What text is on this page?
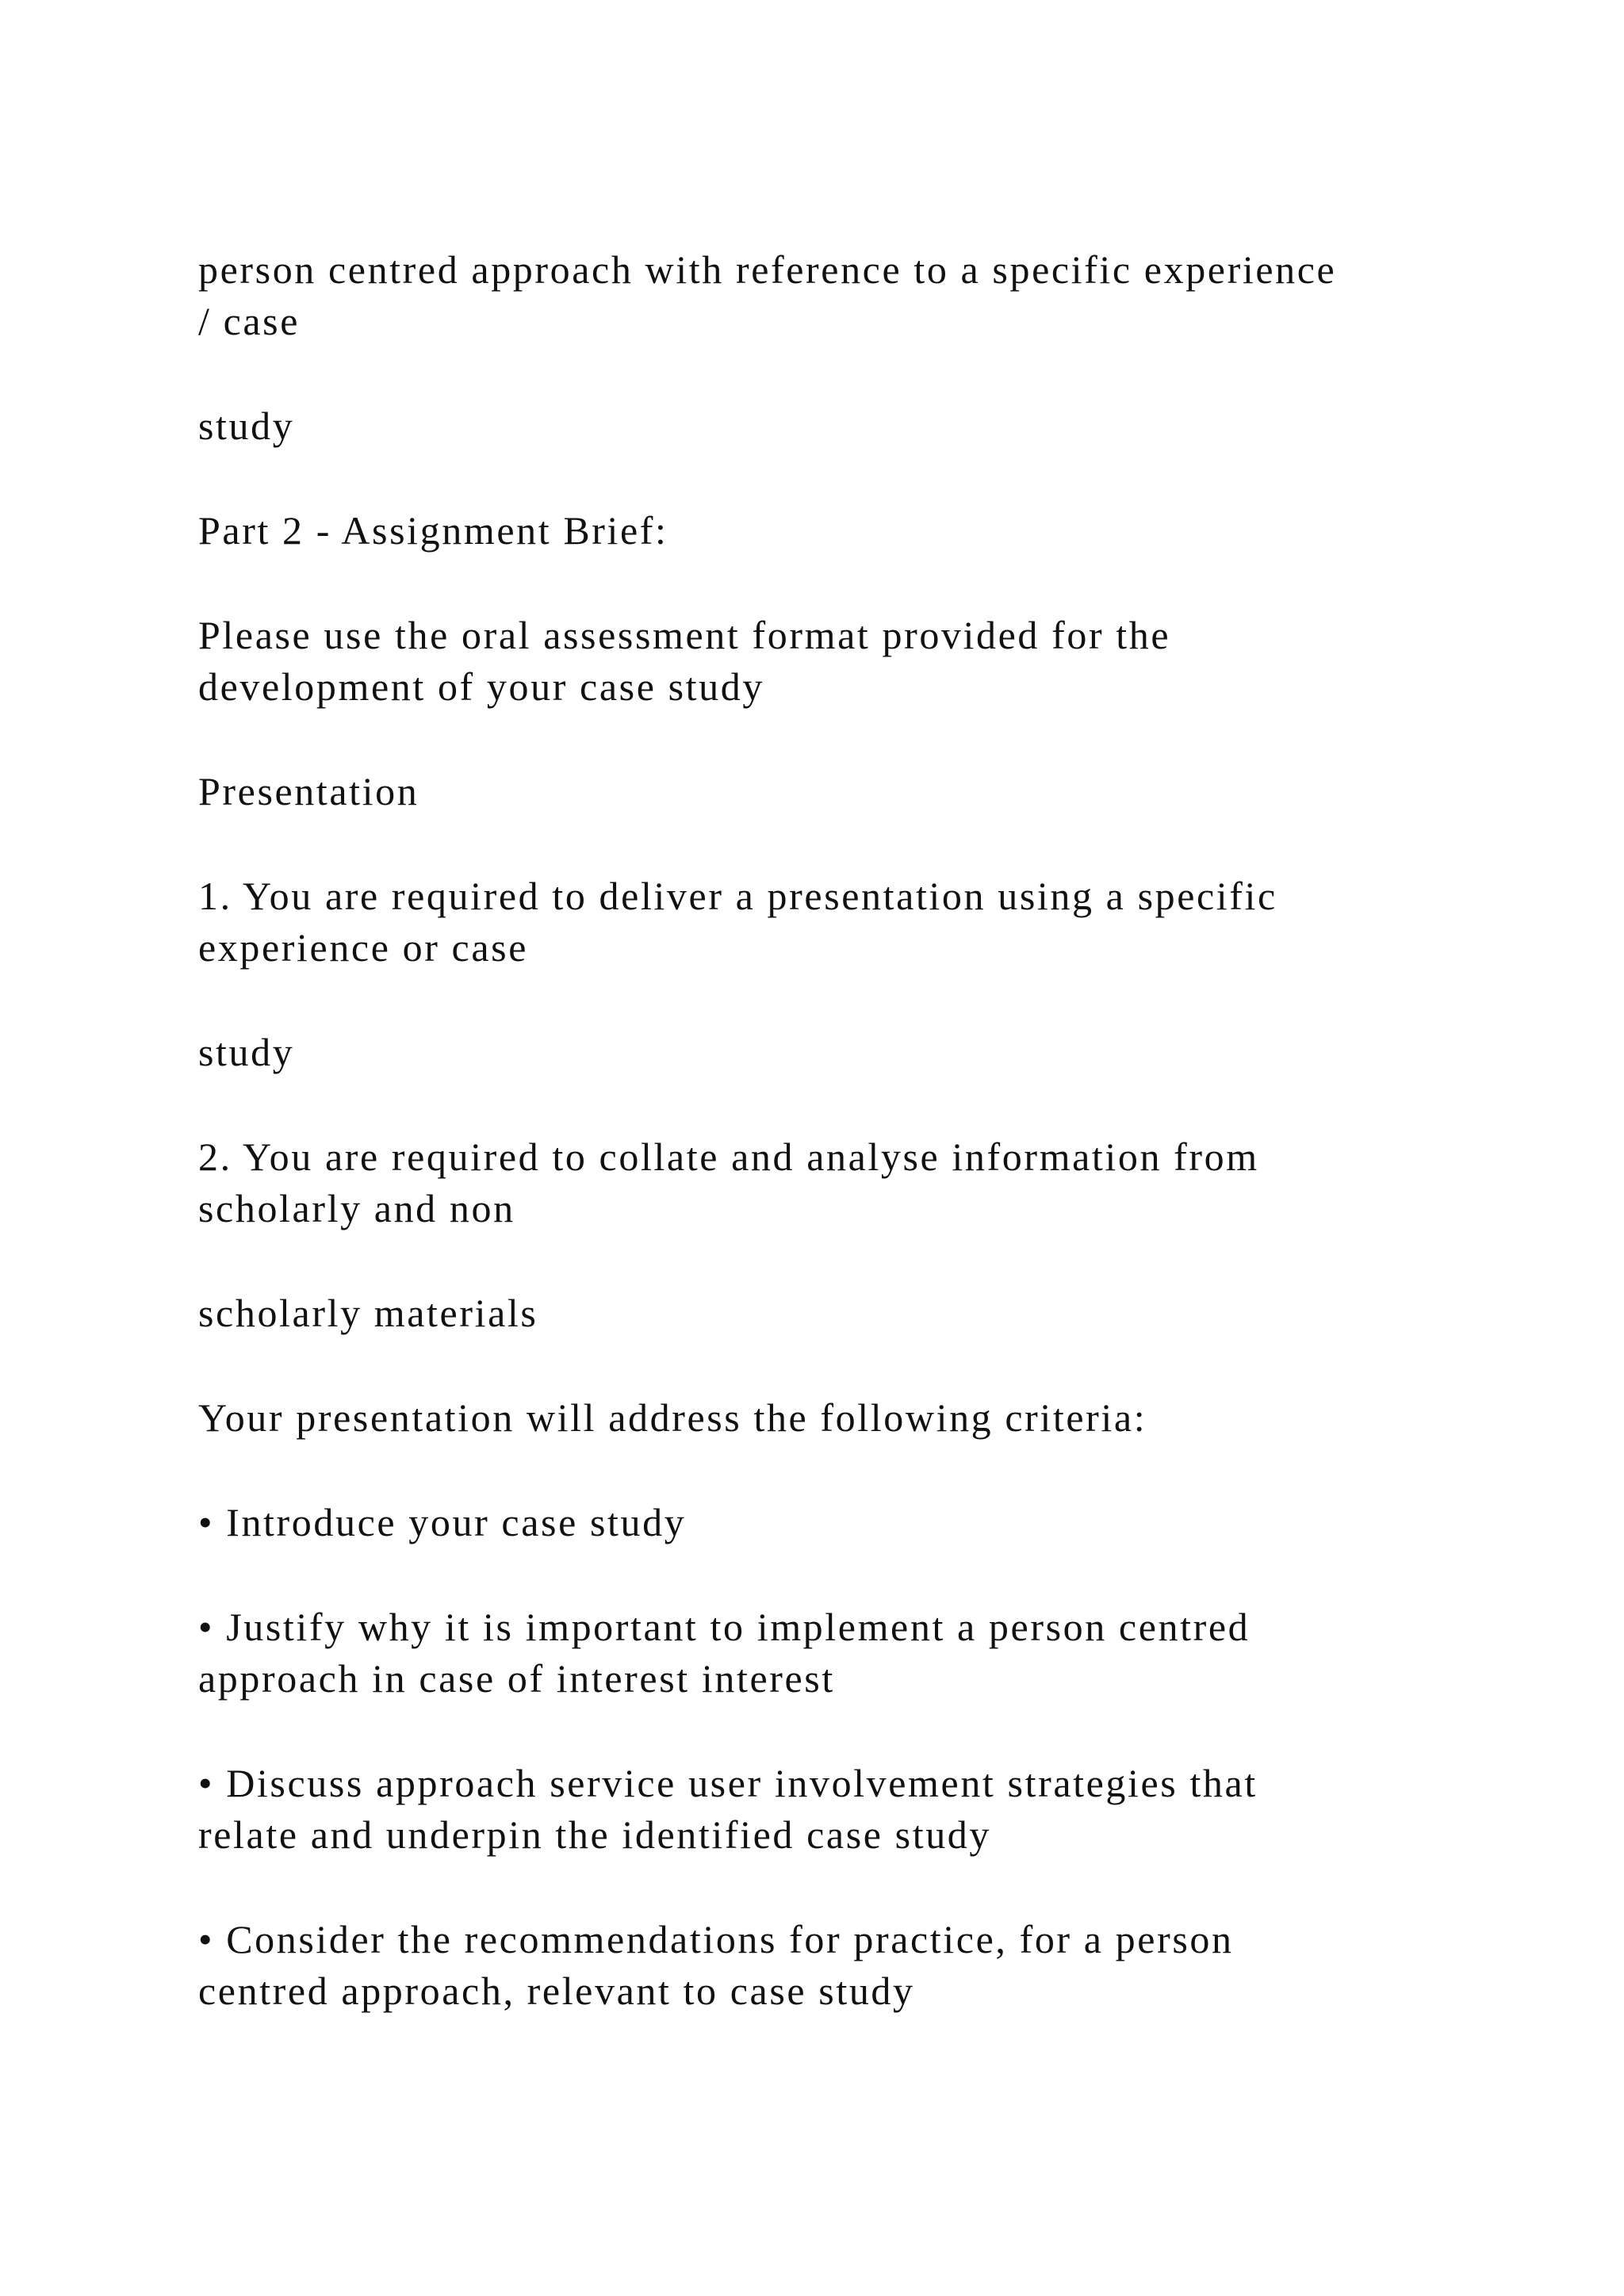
person centred approach with reference to a specific experience
/ case

study

Part 2 - Assignment Brief:

Please use the oral assessment format provided for the
development of your case study

Presentation

1. You are required to deliver a presentation using a specific
experience or case

study

2. You are required to collate and analyse information from
scholarly and non

scholarly materials

Your presentation will address the following criteria:

• Introduce your case study

• Justify why it is important to implement a person centred
approach in case of interest interest

• Discuss approach service user involvement strategies that
relate and underpin the identified case study

• Consider the recommendations for practice, for a person
centred approach, relevant to case study
